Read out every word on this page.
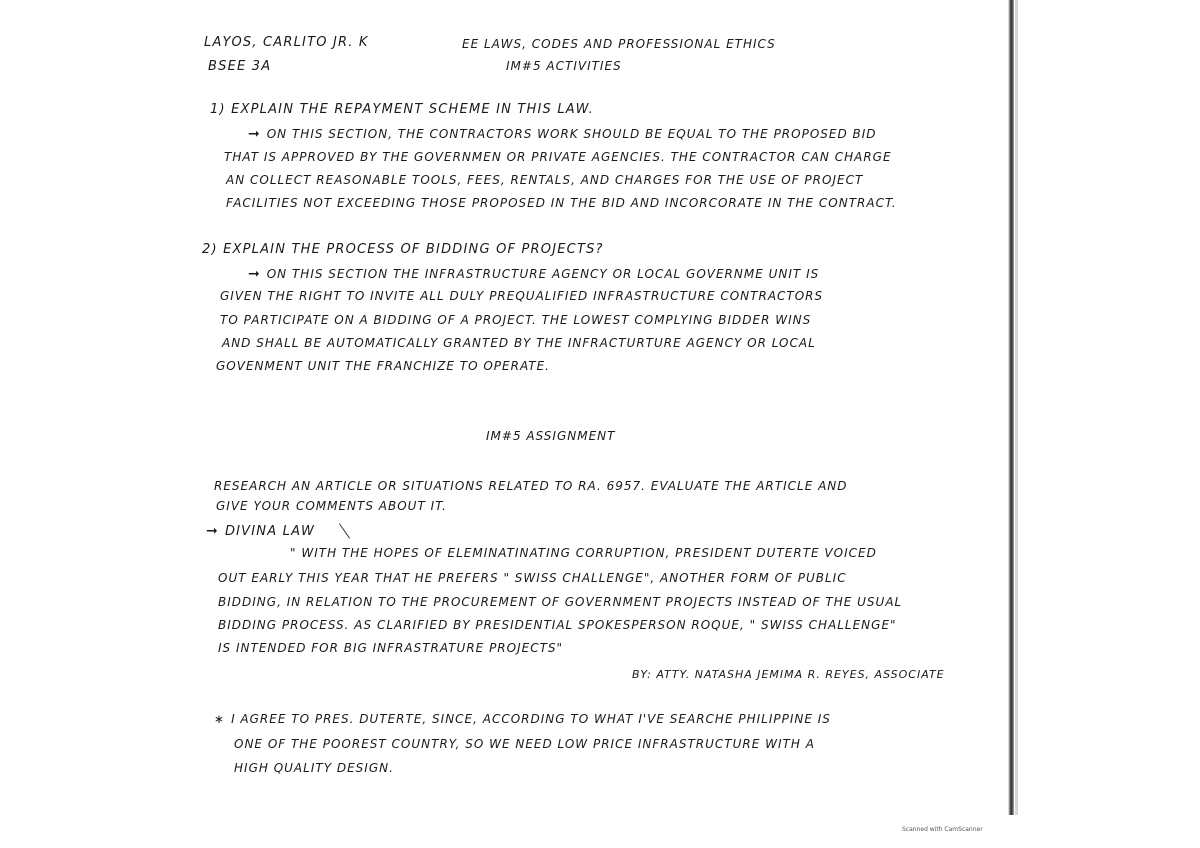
LAYOS, CARLITO JR. K
BSEE 3A
EE LAWS, CODES AND PROFESSIONAL ETHICS
IM#5 ACTIVITIES
1) EXPLAIN THE REPAYMENT SCHEME IN THIS LAW.
➞ ON THIS SECTION, THE CONTRACTORS WORK SHOULD BE EQUAL TO THE PROPOSED BID
THAT IS APPROVED BY THE GOVERNMEN OR PRIVATE AGENCIES. THE CONTRACTOR CAN CHARGE
AN COLLECT REASONABLE TOOLS, FEES, RENTALS, AND CHARGES FOR THE USE OF PROJECT
FACILITIES NOT EXCEEDING THOSE PROPOSED IN THE BID AND INCORCORATE IN THE CONTRACT.
2) EXPLAIN THE PROCESS OF BIDDING OF PROJECTS?
➞ ON THIS SECTION THE INFRASTRUCTURE AGENCY OR LOCAL GOVERNME UNIT IS
GIVEN THE RIGHT TO INVITE ALL DULY PREQUALIFIED INFRASTRUCTURE CONTRACTORS
TO PARTICIPATE ON A BIDDING OF A PROJECT. THE LOWEST COMPLYING BIDDER WINS
AND SHALL BE AUTOMATICALLY GRANTED BY THE INFRACTURTURE AGENCY OR LOCAL
GOVENMENT UNIT THE FRANCHIZE TO OPERATE.
IM#5 ASSIGNMENT
RESEARCH AN ARTICLE OR SITUATIONS RELATED TO RA. 6957. EVALUATE THE ARTICLE AND
GIVE YOUR COMMENTS ABOUT IT.
➞ DIVINA LAW
" WITH THE HOPES OF ELEMINATINATING CORRUPTION, PRESIDENT DUTERTE VOICED
OUT EARLY THIS YEAR THAT HE PREFERS " SWISS CHALLENGE", ANOTHER FORM OF PUBLIC
BIDDING, IN RELATION TO THE PROCUREMENT OF GOVERNMENT PROJECTS INSTEAD OF THE USUAL
BIDDING PROCESS. AS CLARIFIED BY PRESIDENTIAL SPOKESPERSON ROQUE, " SWISS CHALLENGE"
IS INTENDED FOR BIG INFRASTRATURE PROJECTS"
BY: ATTY. NATASHA JEMIMA R. REYES, ASSOCIATE
∗ I AGREE TO PRES. DUTERTE, SINCE, ACCORDING TO WHAT I'VE SEARCHE PHILIPPINE IS
ONE OF THE POOREST COUNTRY, SO WE NEED LOW PRICE INFRASTRUCTURE WITH A
HIGH QUALITY DESIGN.
Scanned with CamScanner
